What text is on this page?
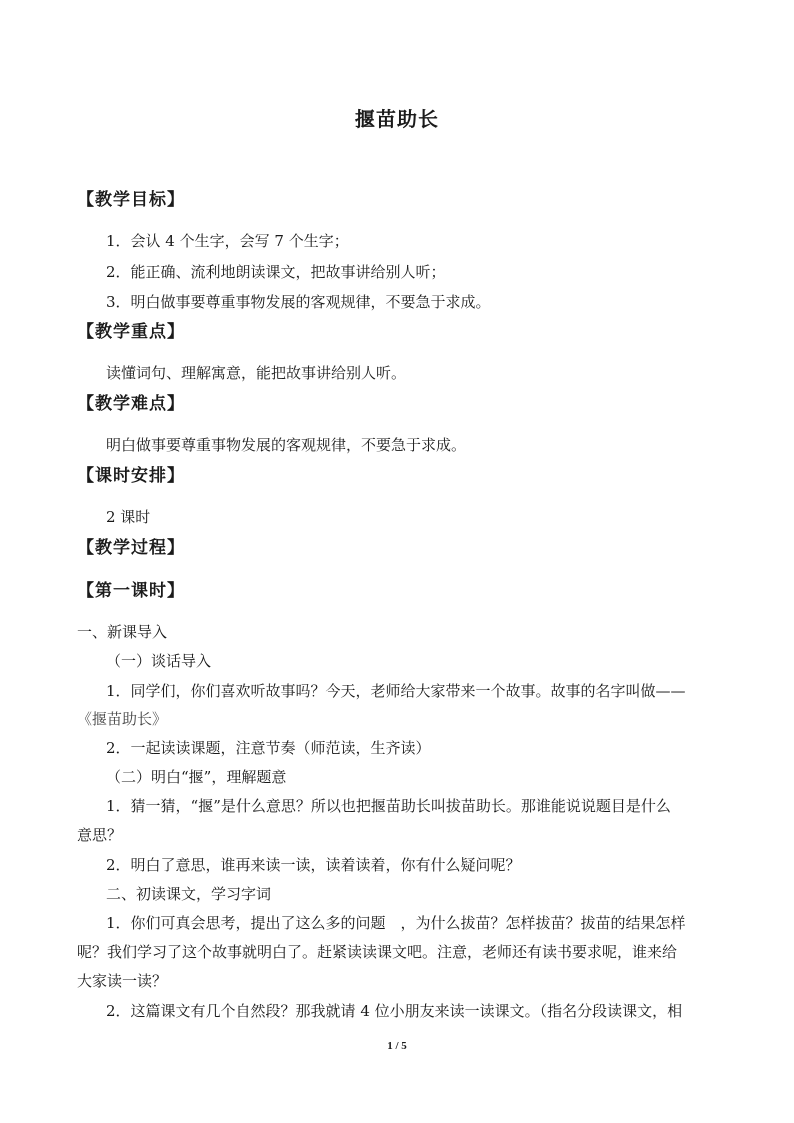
揠苗助长
【教学目标】
1．会认 4 个生字，会写 7 个生字；
2．能正确、流利地朗读课文，把故事讲给别人听；
3．明白做事要尊重事物发展的客观规律，不要急于求成。
【教学重点】
读懂词句、理解寓意，能把故事讲给别人听。
【教学难点】
明白做事要尊重事物发展的客观规律，不要急于求成。
【课时安排】
2 课时
【教学过程】
【第一课时】
一、新课导入
（一）谈话导入
1．同学们，你们喜欢听故事吗？今天，老师给大家带来一个故事。故事的名字叫做——
《揠苗助长》
2．一起读读课题，注意节奏（师范读，生齐读）
（二）明白“揠”，理解题意
1．猜一猜，“揠”是什么意思？所以也把揠苗助长叫拔苗助长。那谁能说说题目是什么
意思？
2．明白了意思，谁再来读一读，读着读着，你有什么疑问呢？
二、初读课文，学习字词
1．你们可真会思考，提出了这么多的问题　，为什么拔苗？怎样拔苗？拔苗的结果怎样
呢？我们学习了这个故事就明白了。赶紧读读课文吧。注意，老师还有读书要求呢，谁来给
大家读一读？
2．这篇课文有几个自然段？那我就请 4 位小朋友来读一读课文。（指名分段读课文，相
1 / 5
